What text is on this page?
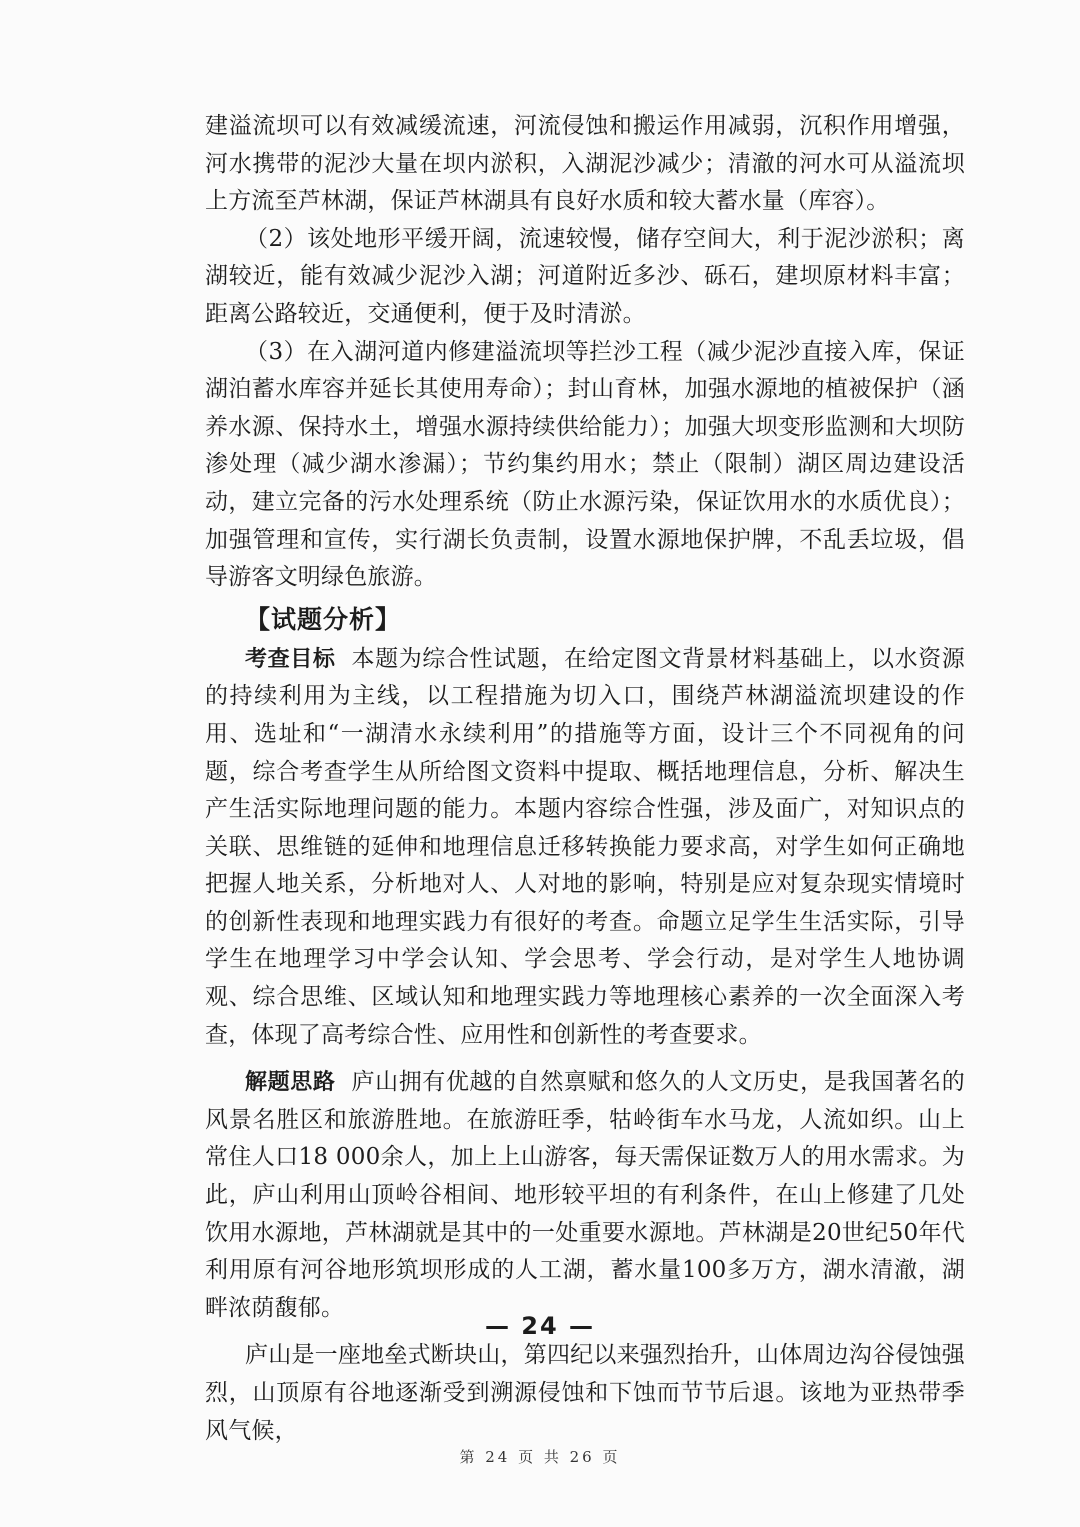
建溢流坝可以有效减缓流速，河流侵蚀和搬运作用减弱，沉积作用增强，河水携带的泥沙大量在坝内淤积，入湖泥沙减少；清澈的河水可从溢流坝上方流至芦林湖，保证芦林湖具有良好水质和较大蓄水量（库容）。

（2）该处地形平缓开阔，流速较慢，储存空间大，利于泥沙淤积；离湖较近，能有效减少泥沙入湖；河道附近多沙、砾石，建坝原材料丰富；距离公路较近，交通便利，便于及时清淤。

（3）在入湖河道内修建溢流坝等拦沙工程（减少泥沙直接入库，保证湖泊蓄水库容并延长其使用寿命）；封山育林，加强水源地的植被保护（涵养水源、保持水土，增强水源持续供给能力）；加强大坝变形监测和大坝防渗处理（减少湖水渗漏）；节约集约用水；禁止（限制）湖区周边建设活动，建立完备的污水处理系统（防止水源污染，保证饮用水的水质优良）；加强管理和宣传，实行湖长负责制，设置水源地保护牌，不乱丢垃圾，倡导游客文明绿色旅游。

【试题分析】

考查目标 本题为综合性试题，在给定图文背景材料基础上，以水资源的持续利用为主线，以工程措施为切入口，围绕芦林湖溢流坝建设的作用、选址和“一湖清水永续利用”的措施等方面，设计三个不同视角的问题，综合考查学生从所给图文资料中提取、概括地理信息，分析、解决生产生活实际地理问题的能力。本题内容综合性强，涉及面广，对知识点的关联、思维链的延伸和地理信息迁移转换能力要求高，对学生如何正确地把握人地关系，分析地对人、人对地的影响，特别是应对复杂现实情境时的创新性表现和地理实践力有很好的考查。命题立足学生生活实际，引导学生在地理学习中学会认知、学会思考、学会行动，是对学生人地协调观、综合思维、区域认知和地理实践力等地理核心素养的一次全面深入考查，体现了高考综合性、应用性和创新性的考查要求。

解题思路 庐山拥有优越的自然禀赋和悠久的人文历史，是我国著名的风景名胜区和旅游胜地。在旅游旺季，牯岭街车水马龙，人流如织。山上常住人口18 000余人，加上上山游客，每天需保证数万人的用水需求。为此，庐山利用山顶岭谷相间、地形较平坦的有利条件，在山上修建了几处饮用水源地，芦林湖就是其中的一处重要水源地。芦林湖是20世纪50年代利用原有河谷地形筑坝形成的人工湖，蓄水量100多万方，湖水清澈，湖畔浓荫馥郁。

庐山是一座地垒式断块山，第四纪以来强烈抬升，山体周边沟谷侵蚀强烈，山顶原有谷地逐渐受到溯源侵蚀和下蚀而节节后退。该地为亚热带季风气候，

— 24 —
第 24 页 共 26 页
